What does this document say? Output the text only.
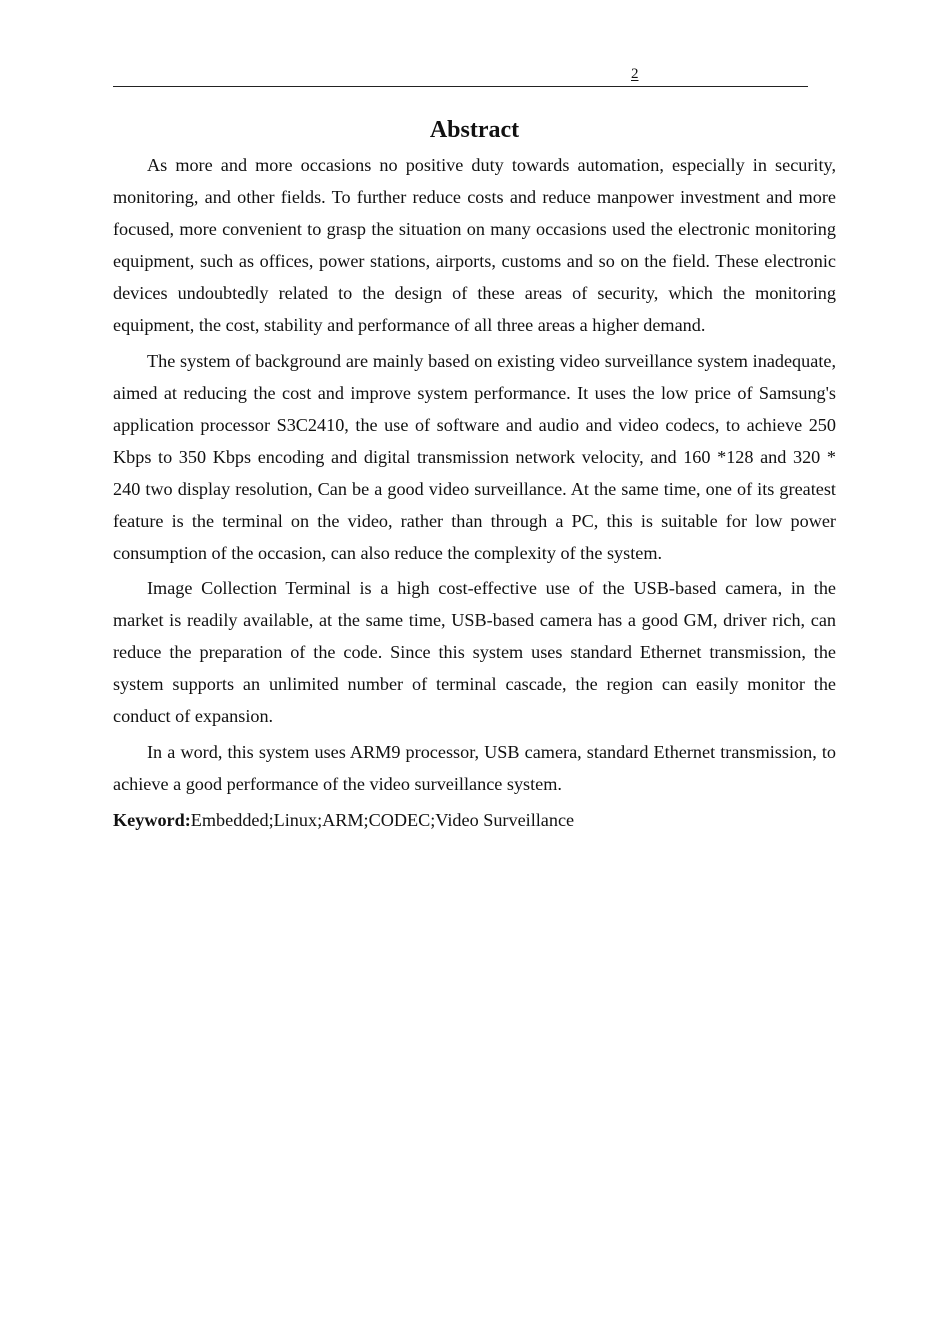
2
Abstract

As more and more occasions no positive duty towards automation, especially in security, monitoring, and other fields. To further reduce costs and reduce manpower investment and more focused, more convenient to grasp the situation on many occasions used the electronic monitoring equipment, such as offices, power stations, airports, customs and so on the field. These electronic devices undoubtedly related to the design of these areas of security, which the monitoring equipment, the cost, stability and performance of all three areas a higher demand.

The system of background are mainly based on existing video surveillance system inadequate, aimed at reducing the cost and improve system performance. It uses the low price of Samsung's application processor S3C2410, the use of software and audio and video codecs, to achieve 250 Kbps to 350 Kbps encoding and digital transmission network velocity, and 160 *128 and 320 * 240 two display resolution, Can be a good video surveillance. At the same time, one of its greatest feature is the terminal on the video, rather than through a PC, this is suitable for low power consumption of the occasion, can also reduce the complexity of the system.

Image Collection Terminal is a high cost-effective use of the USB-based camera, in the market is readily available, at the same time, USB-based camera has a good GM, driver rich, can reduce the preparation of the code. Since this system uses standard Ethernet transmission, the system supports an unlimited number of terminal cascade, the region can easily monitor the conduct of expansion.

In a word, this system uses ARM9 processor, USB camera, standard Ethernet transmission, to achieve a good performance of the video surveillance system.

Keyword:Embedded;Linux;ARM;CODEC;Video Surveillance
